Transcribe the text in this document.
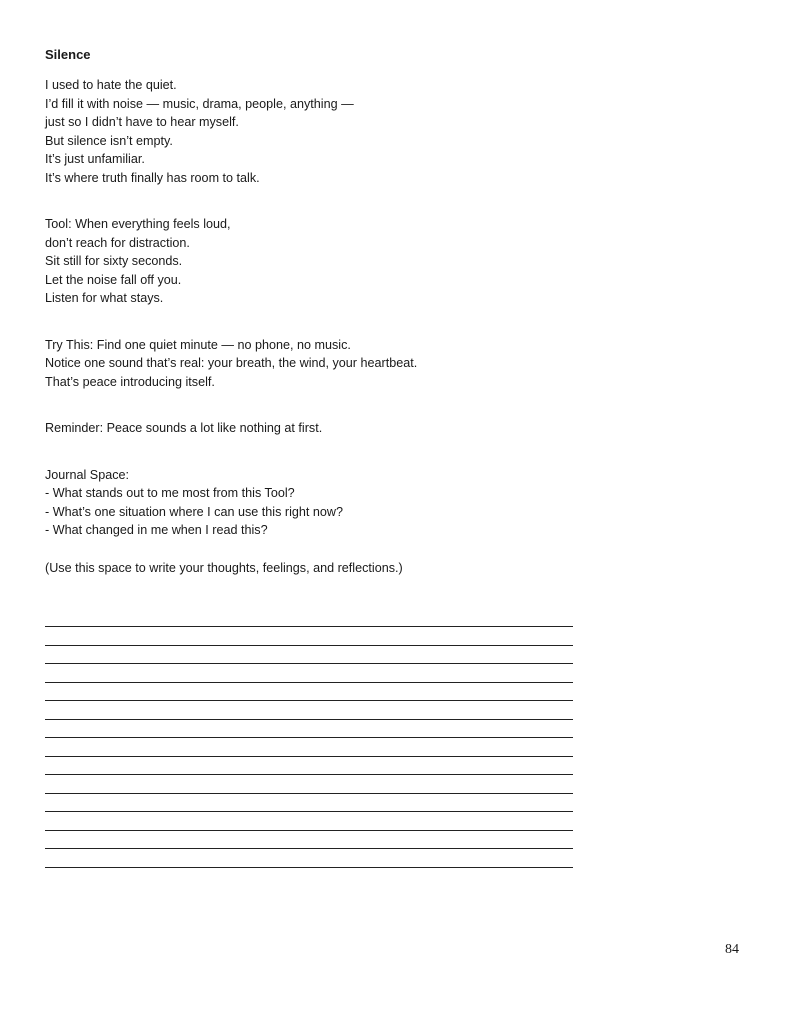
Silence
I used to hate the quiet.
I’d fill it with noise — music, drama, people, anything —
just so I didn’t have to hear myself.
But silence isn’t empty.
It’s just unfamiliar.
It’s where truth finally has room to talk.
Tool: When everything feels loud,
don’t reach for distraction.
Sit still for sixty seconds.
Let the noise fall off you.
Listen for what stays.
Try This: Find one quiet minute — no phone, no music.
Notice one sound that’s real: your breath, the wind, your heartbeat.
That’s peace introducing itself.
Reminder: Peace sounds a lot like nothing at first.
Journal Space:
- What stands out to me most from this Tool?
- What’s one situation where I can use this right now?
- What changed in me when I read this?
(Use this space to write your thoughts, feelings, and reflections.)
84
